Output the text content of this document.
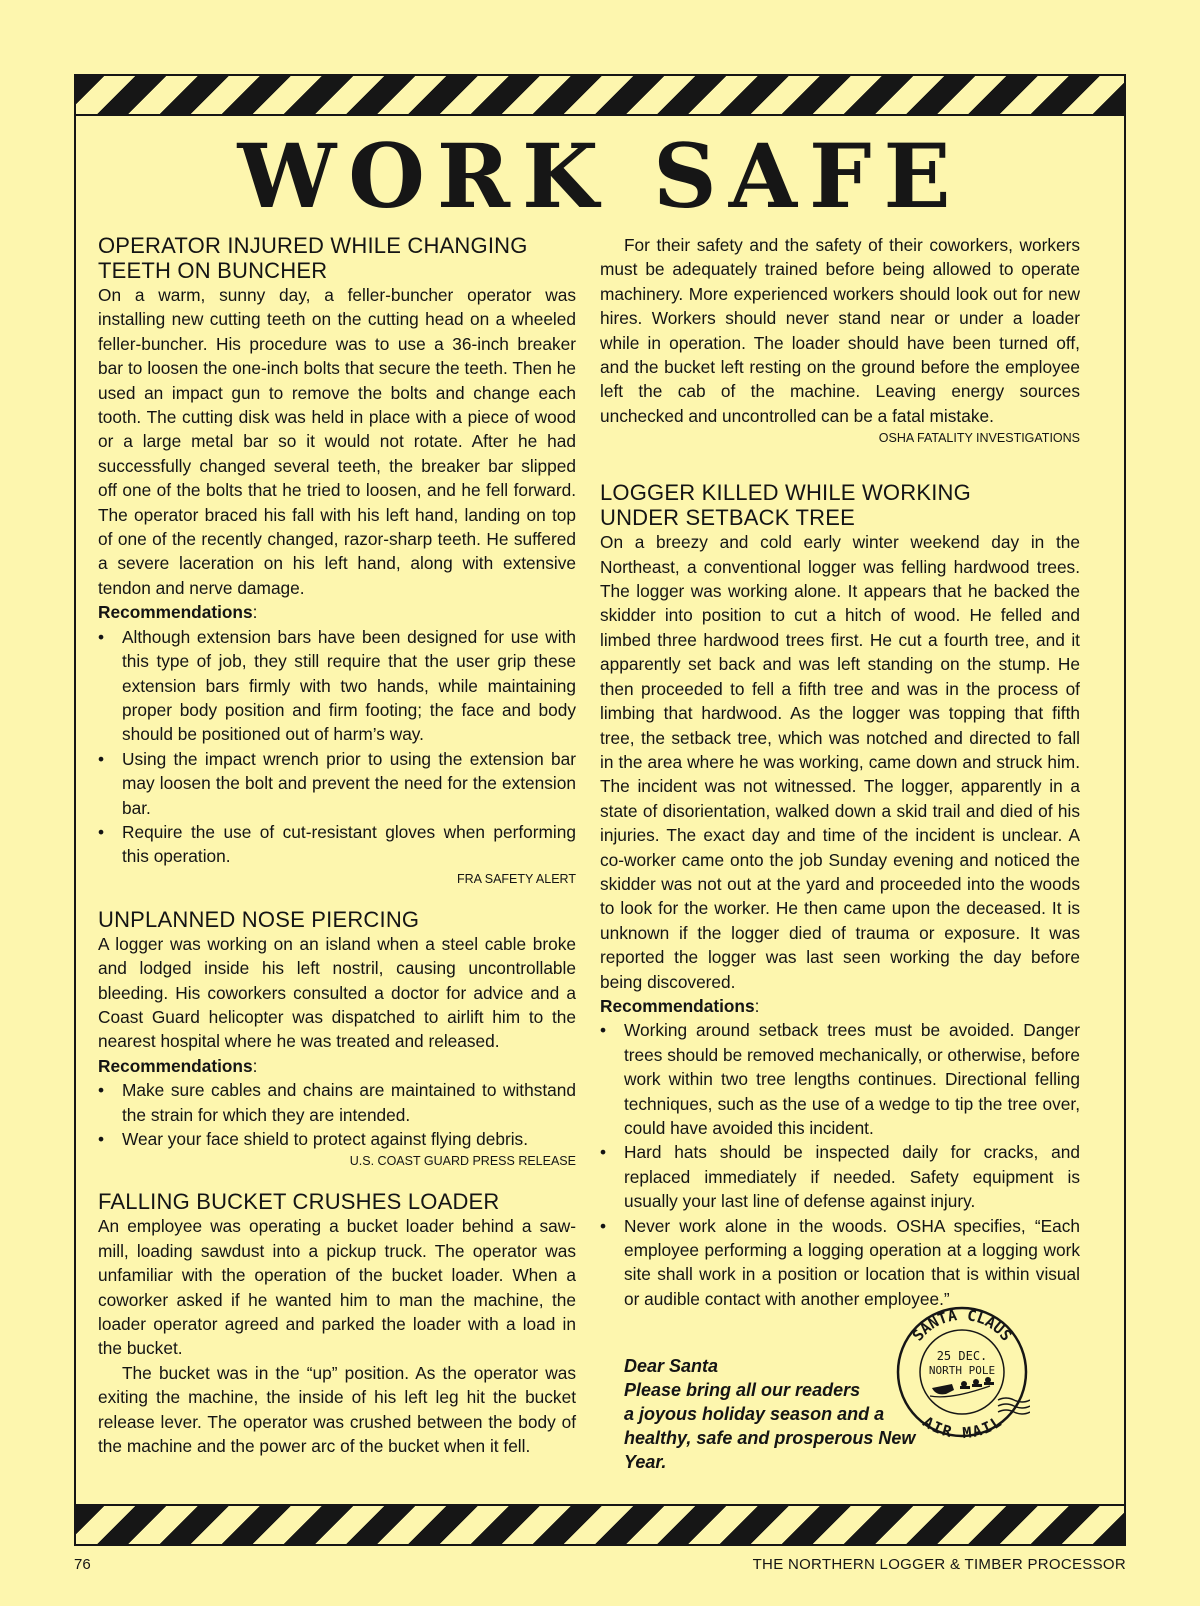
WORK SAFE
OPERATOR INJURED WHILE CHANGING
TEETH ON BUNCHER

On a warm, sunny day, a feller-buncher operator was installing new cutting teeth on the cutting head on a wheeled feller-buncher. His procedure was to use a 36-inch breaker bar to loosen the one-inch bolts that secure the teeth. Then he used an impact gun to remove the bolts and change each tooth. The cutting disk was held in place with a piece of wood or a large metal bar so it would not rotate. After he had successfully changed several teeth, the breaker bar slipped off one of the bolts that he tried to loosen, and he fell forward. The operator braced his fall with his left hand, landing on top of one of the recently changed, razor-sharp teeth. He suffered a severe laceration on his left hand, along with extensive tendon and nerve damage.

Recommendations:

• Although extension bars have been designed for use with this type of job, they still require that the user grip these extension bars firmly with two hands, while maintaining proper body position and firm footing; the face and body should be positioned out of harm’s way.
• Using the impact wrench prior to using the extension bar may loosen the bolt and prevent the need for the extension bar.
• Require the use of cut-resistant gloves when performing this operation.
FRA SAFETY ALERT
UNPLANNED NOSE PIERCING

A logger was working on an island when a steel cable broke and lodged inside his left nostril, causing uncontrollable bleeding. His coworkers consulted a doctor for advice and a Coast Guard helicopter was dispatched to airlift him to the nearest hospital where he was treated and released.

Recommendations:

• Make sure cables and chains are maintained to withstand the strain for which they are intended.
• Wear your face shield to protect against flying debris.
U.S. COAST GUARD PRESS RELEASE
FALLING BUCKET CRUSHES LOADER

An employee was operating a bucket loader behind a saw-mill, loading sawdust into a pickup truck. The operator was unfamiliar with the operation of the bucket loader. When a coworker asked if he wanted him to man the machine, the loader operator agreed and parked the loader with a load in the bucket.

The bucket was in the “up” position. As the operator was exiting the machine, the inside of his left leg hit the bucket release lever. The operator was crushed between the body of the machine and the power arc of the bucket when it fell.

For their safety and the safety of their coworkers, workers must be adequately trained before being allowed to operate machinery. More experienced workers should look out for new hires. Workers should never stand near or under a loader while in operation. The loader should have been turned off, and the bucket left resting on the ground before the employee left the cab of the machine. Leaving energy sources unchecked and uncontrolled can be a fatal mistake.

OSHA FATALITY INVESTIGATIONS
LOGGER KILLED WHILE WORKING
UNDER SETBACK TREE

On a breezy and cold early winter weekend day in the Northeast, a conventional logger was felling hardwood trees. The logger was working alone. It appears that he backed the skidder into position to cut a hitch of wood. He felled and limbed three hardwood trees first. He cut a fourth tree, and it apparently set back and was left standing on the stump. He then proceeded to fell a fifth tree and was in the process of limbing that hardwood. As the logger was topping that fifth tree, the setback tree, which was notched and directed to fall in the area where he was working, came down and struck him. The incident was not witnessed. The logger, apparently in a state of disorientation, walked down a skid trail and died of his injuries. The exact day and time of the incident is unclear. A co-worker came onto the job Sunday evening and noticed the skidder was not out at the yard and proceeded into the woods to look for the worker. He then came upon the deceased. It is unknown if the logger died of trauma or exposure. It was reported the logger was last seen working the day before being discovered.

Recommendations:

• Working around setback trees must be avoided. Danger trees should be removed mechanically, or otherwise, before work within two tree lengths continues. Directional felling techniques, such as the use of a wedge to tip the tree over, could have avoided this incident.
• Hard hats should be inspected daily for cracks, and replaced immediately if needed. Safety equipment is usually your last line of defense against injury.
• Never work alone in the woods. OSHA specifies, “Each employee performing a logging operation at a logging work site shall work in a position or location that is within visual or audible contact with another employee.”
Dear Santa
Please bring all our readers
a joyous holiday season and a
healthy, safe and prosperous New Year.
SANTA CLAUS
AIR MAIL
25 DEC.
NORTH POLE
76	THE NORTHERN LOGGER & TIMBER PROCESSOR
